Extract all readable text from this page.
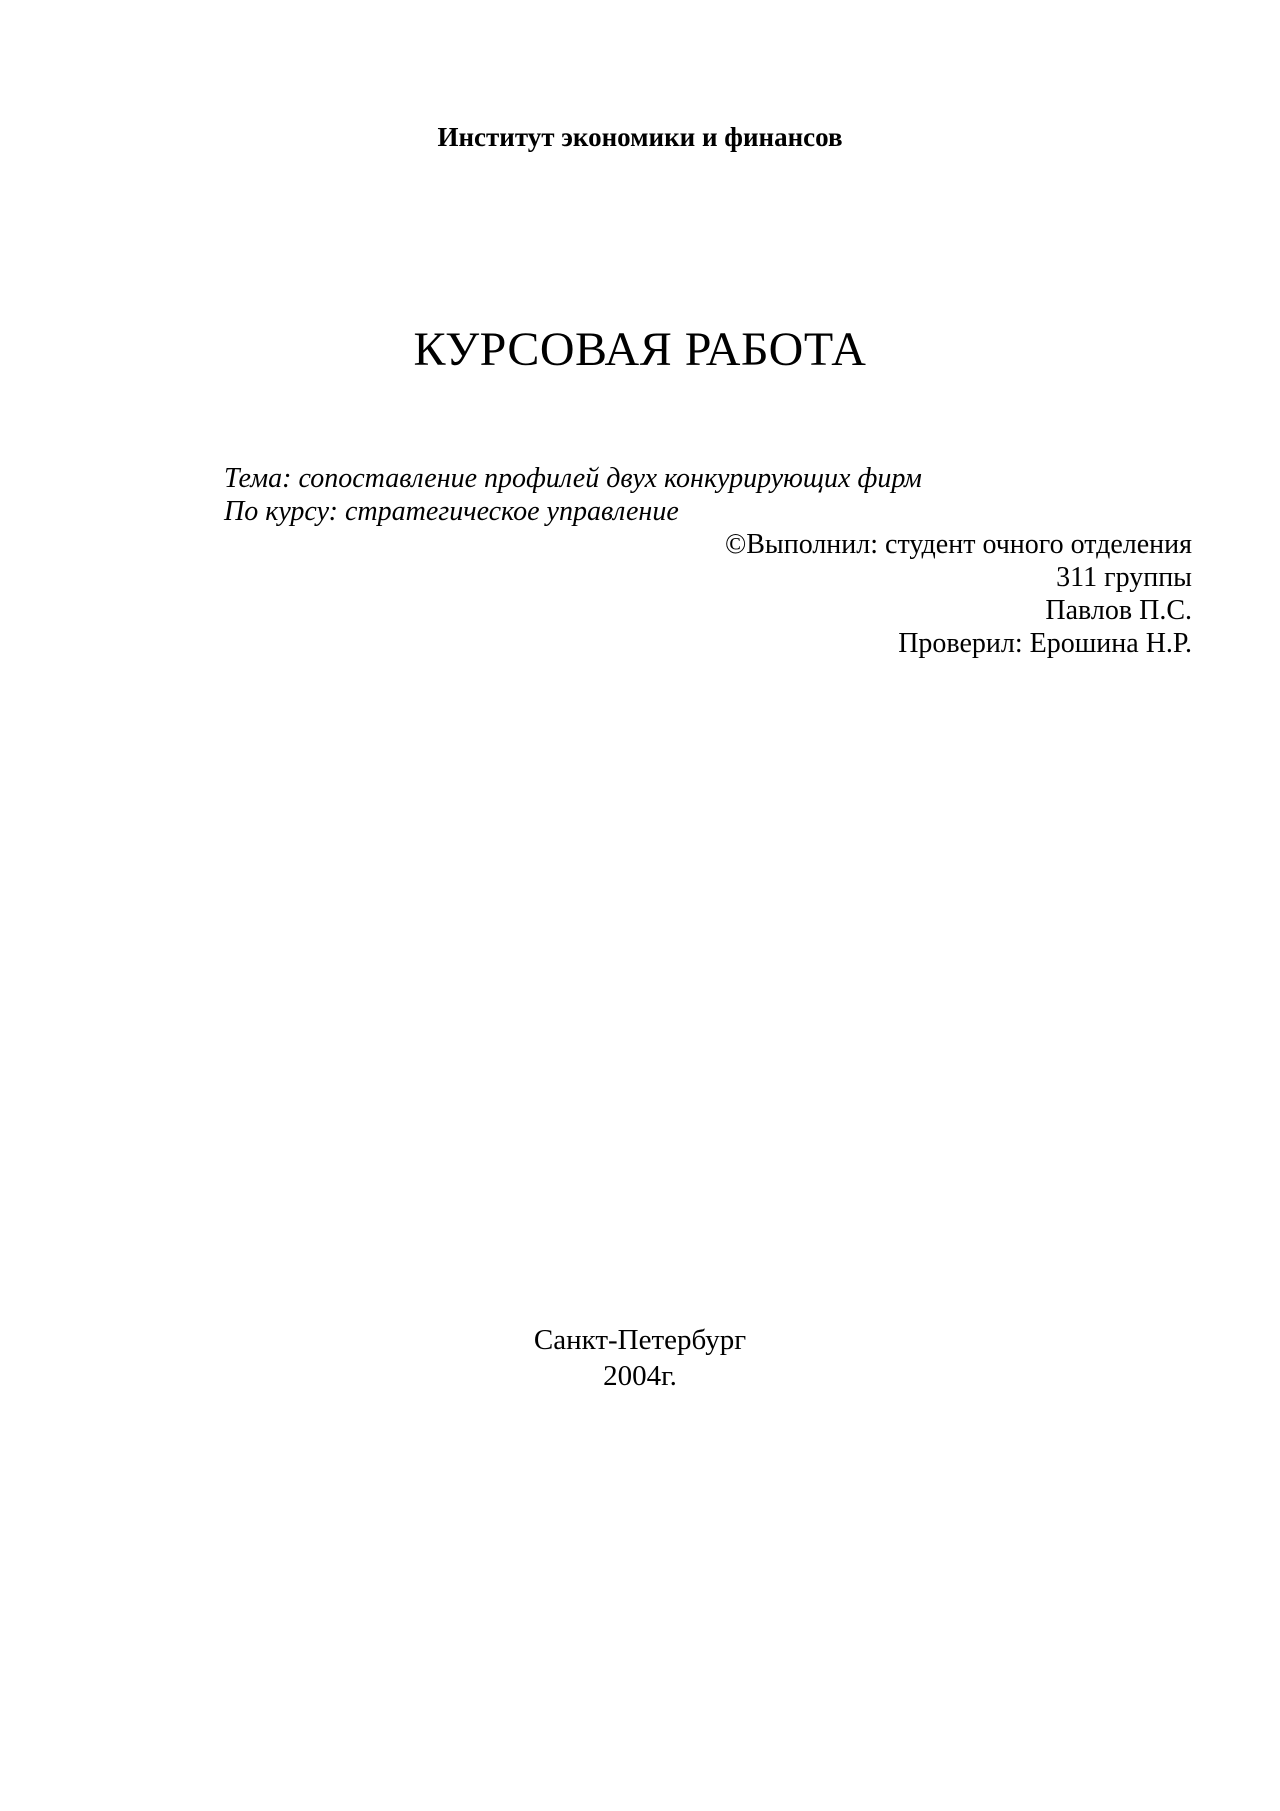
Институт экономики и финансов
КУРСОВАЯ РАБОТА
Тема: сопоставление профилей двух конкурирующих фирм
По курсу: стратегическое управление
©Выполнил: студент очного отделения
311 группы
Павлов П.С.
Проверил: Ерошина Н.Р.
Санкт-Петербург
2004г.
